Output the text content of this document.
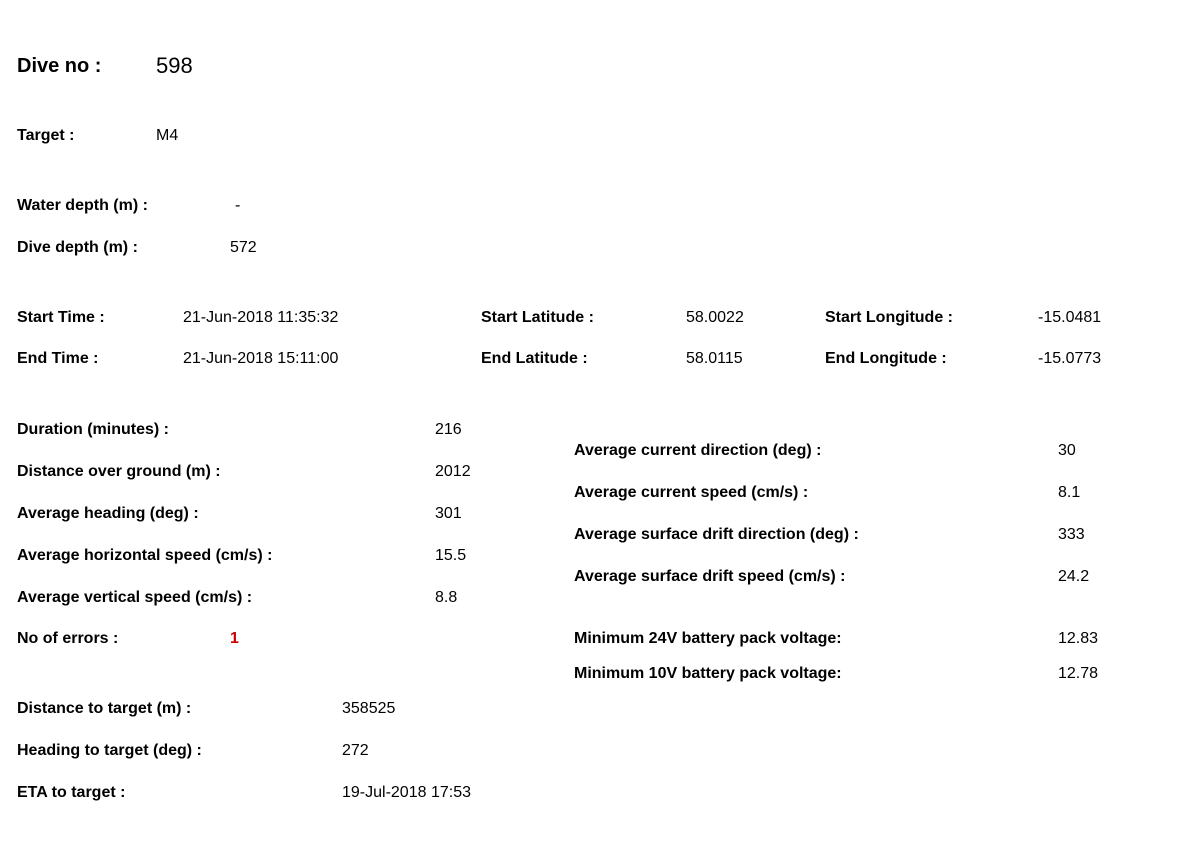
Dive no : 598
Target :	M4
Water depth (m) :	-
Dive depth (m) :	572
Start Time :	21-Jun-2018 11:35:32	Start Latitude :	58.0022	Start Longitude :	-15.0481
End Time :	21-Jun-2018 15:11:00	End Latitude :	58.0115	End Longitude :	-15.0773
Duration (minutes) :	216
Distance over ground (m) :	2012
Average heading (deg) :	301
Average horizontal speed (cm/s) :	15.5
Average vertical speed (cm/s) :	8.8
No of errors :	1
Average current direction (deg) :	30
Average current speed (cm/s) :	8.1
Average surface drift direction (deg) :	333
Average surface drift speed (cm/s) :	24.2
Minimum 24V battery pack voltage:	12.83
Minimum 10V battery pack voltage:	12.78
Distance to target (m) :	358525
Heading to target (deg) :	272
ETA to target :	19-Jul-2018 17:53
